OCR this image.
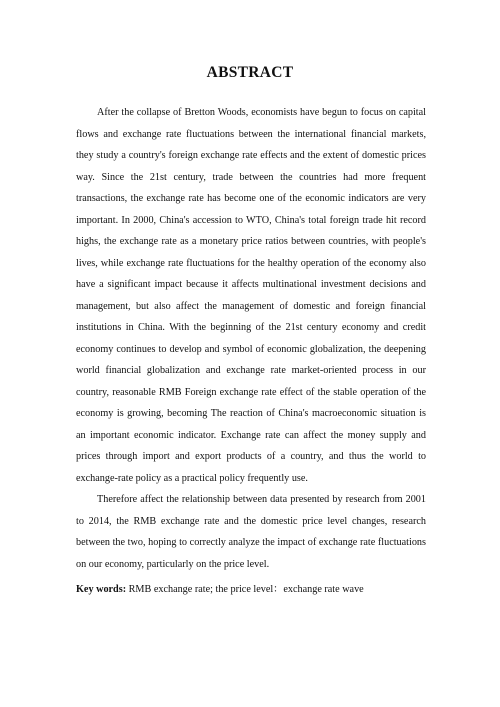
ABSTRACT

After the collapse of Bretton Woods, economists have begun to focus on capital flows and exchange rate fluctuations between the international financial markets, they study a country's foreign exchange rate effects and the extent of domestic prices way. Since the 21st century, trade between the countries had more frequent transactions, the exchange rate has become one of the economic indicators are very important. In 2000, China's accession to WTO, China's total foreign trade hit record highs, the exchange rate as a monetary price ratios between countries, with people's lives, while exchange rate fluctuations for the healthy operation of the economy also have a significant impact because it affects multinational investment decisions and management, but also affect the management of domestic and foreign financial institutions in China. With the beginning of the 21st century economy and credit economy continues to develop and symbol of economic globalization, the deepening world financial globalization and exchange rate market-oriented process in our country, reasonable RMB Foreign exchange rate effect of the stable operation of the economy is growing, becoming The reaction of China's macroeconomic situation is an important economic indicator. Exchange rate can affect the money supply and prices through import and export products of a country, and thus the world to exchange-rate policy as a practical policy frequently use.

Therefore affect the relationship between data presented by research from 2001 to 2014, the RMB exchange rate and the domestic price level changes, research between the two, hoping to correctly analyze the impact of exchange rate fluctuations on our economy, particularly on the price level.

Key words: RMB exchange rate; the price level：exchange rate wave
